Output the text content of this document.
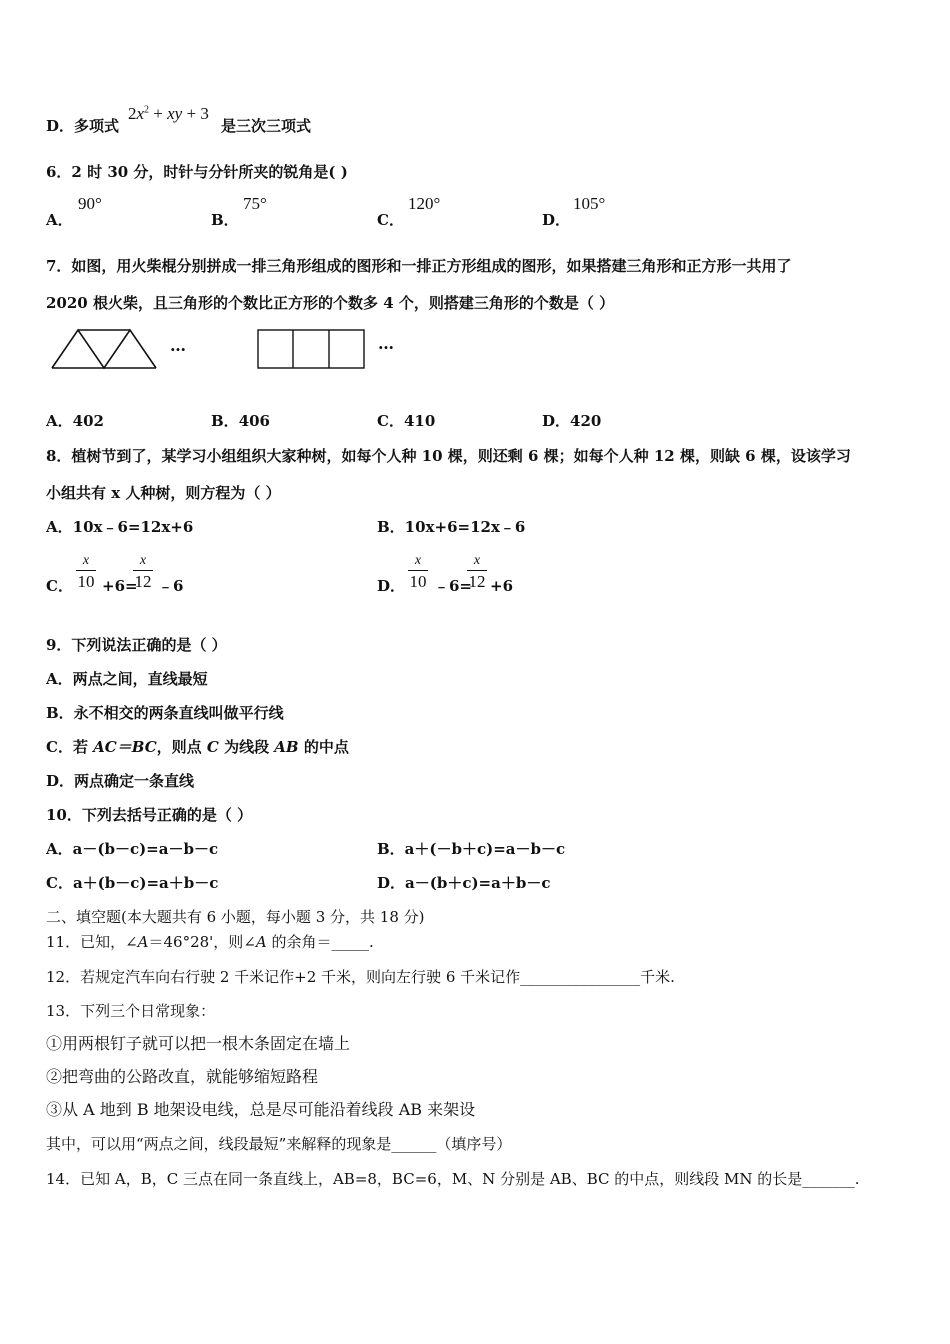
D．多项式
$2x^2$ + xy + 3
是三次三项式
6．2 时 30 分，时针与分针所夹的锐角是( )
A．
90°
B．
75°
C．
120°
D．
105°
7．如图，用火柴棍分别拼成一排三角形组成的图形和一排正方形组成的图形，如果搭建三角形和正方形一共用了
2020 根火柴，且三角形的个数比正方形的个数多 4 个，则搭建三角形的个数是（ ）
…	…
A．402	B．406	C．410	D．420
8．植树节到了，某学习小组组织大家种树，如每个人种 10 棵，则还剩 6 棵；如每个人种 12 棵，则缺 6 棵，设该学习
小组共有 x 人种树，则方程为（ ）
A．10x﹣6=12x+6	B．10x+6=12x﹣6
C．
x
10 +6=
x
12 ﹣6	D．
x
10 ﹣6=
x
12 +6
9．下列说法正确的是（ ）
A．两点之间，直线最短
B．永不相交的两条直线叫做平行线
C．若 AC＝BC，则点 C 为线段 AB 的中点
D．两点确定一条直线
10．下列去括号正确的是（ ）
A．a－(b－c)=a－b－c	B．a＋(－b＋c)=a－b－c
C．a＋(b－c)=a＋b－c	D．a－(b＋c)=a＋b－c
二、填空题(本大题共有 6 小题，每小题 3 分，共 18 分)
11．已知，∠A＝46°28'，则∠A 的余角＝_____.
12．若规定汽车向右行驶 2 千米记作+2 千米，则向左行驶 6 千米记作________________千米.
13．下列三个日常现象：
①用两根钉子就可以把一根木条固定在墙上
②把弯曲的公路改直，就能够缩短路程
③从 A 地到 B 地架设电线，总是尽可能沿着线段 AB 来架设
其中，可以用“两点之间，线段最短”来解释的现象是______（填序号）
14．已知 A，B，C 三点在同一条直线上，AB=8，BC=6，M、N 分别是 AB、BC 的中点，则线段 MN 的长是_______.
